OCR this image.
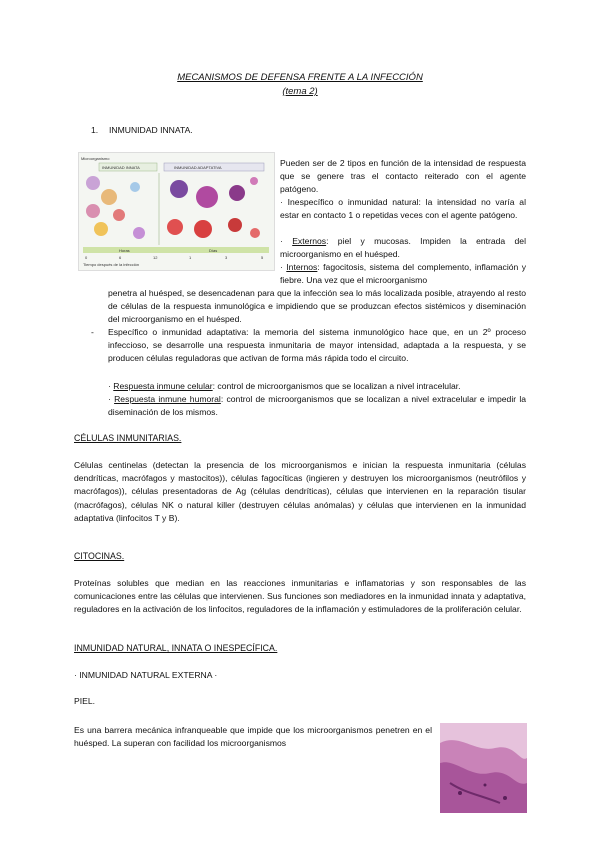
MECANISMOS DE DEFENSA FRENTE A LA INFECCIÓN
(tema 2)
1. INMUNIDAD INNATA.
Microorganismo
INMUNIDAD INNATA	INMUNIDAD ADAPTATIVA
Horas	Días
0	6	12	1	3	5
Tiempo después de la infección
Pueden ser de 2 tipos en función de la intensidad de respuesta que se genere tras el contacto reiterado con el agente patógeno.
· Inespecífico o inmunidad natural: la intensidad no varía al estar en contacto 1 o repetidas veces con el agente patógeno.
· Externos: piel y mucosas. Impiden la entrada del microorganismo en el huésped.
· Internos: fagocitosis, sistema del complemento, inflamación y fiebre. Una vez que el microorganismo
penetra al huésped, se desencadenan para que la infección sea lo más localizada posible, atrayendo al resto de células de la respuesta inmunológica e impidiendo que se produzcan efectos sistémicos y diseminación del microorganismo en el huésped.
- Específico o inmunidad adaptativa: la memoria del sistema inmunológico hace que, en un 2º proceso infeccioso, se desarrolle una respuesta inmunitaria de mayor intensidad, adaptada a la respuesta, y se producen células reguladoras que activan de forma más rápida todo el circuito.
· Respuesta inmune celular: control de microorganismos que se localizan a nivel intracelular.
· Respuesta inmune humoral: control de microorganismos que se localizan a nivel extracelular e impedir la diseminación de los mismos.
CÉLULAS INMUNITARIAS.
Células centinelas (detectan la presencia de los microorganismos e inician la respuesta inmunitaria (células dendríticas, macrófagos y mastocitos)), células fagocíticas (ingieren y destruyen los microorganismos (neutrófilos y macrófagos)), células presentadoras de Ag (células dendríticas), células que intervienen en la reparación tisular (macrófagos), células NK o natural killer (destruyen células anómalas) y células que intervienen en la inmunidad adaptativa (linfocitos T y B).
CITOCINAS.
Proteínas solubles que median en las reacciones inmunitarias e inflamatorias y son responsables de las comunicaciones entre las células que intervienen. Sus funciones son mediadores en la inmunidad innata y adaptativa, reguladores en la activación de los linfocitos, reguladores de la inflamación y estimuladores de la proliferación celular.
INMUNIDAD NATURAL, INNATA O INESPECÍFICA.
· INMUNIDAD NATURAL EXTERNA ·
PIEL.
Es una barrera mecánica infranqueable que impide que los microorganismos penetren en el huésped. La superan con facilidad los microorganismos
